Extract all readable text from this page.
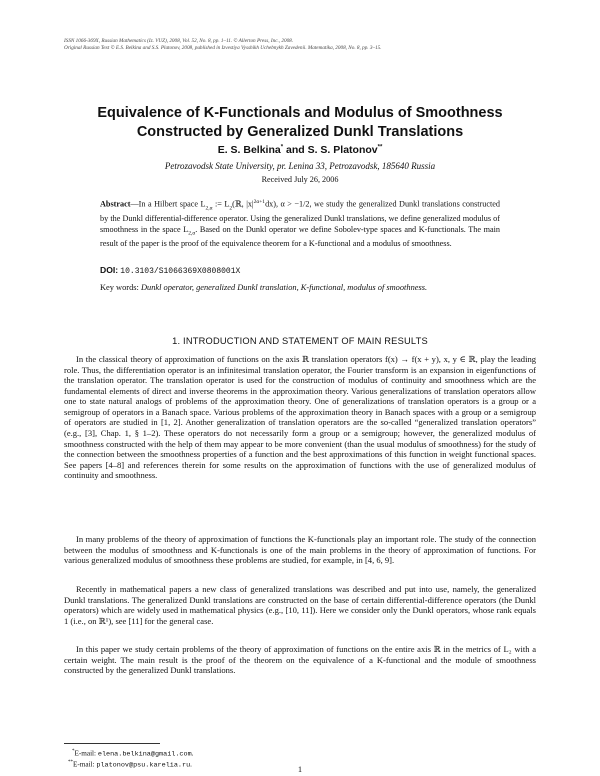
ISSN 1066-369X, Russian Mathematics (Iz. VUZ), 2008, Vol. 52, No. 8, pp. 1–11. © Allerton Press, Inc., 2008.
Original Russian Text © E.S. Belkina and S.S. Platonov, 2008, published in Izvestiya Vysshikh Uchebnykh Zavedenii. Matematika, 2008, No. 8, pp. 3–15.
Equivalence of K-Functionals and Modulus of Smoothness
Constructed by Generalized Dunkl Translations
E. S. Belkina* and S. S. Platonov**
Petrozavodsk State University, pr. Lenina 33, Petrozavodsk, 185640 Russia
Received July 26, 2006
Abstract—In a Hilbert space $L_{2,\alpha}$ := $L_2(ℝ$, $|x|^{2\alpha+1}dx$), α > −1/2, we study the generalized Dunkl translations constructed by the Dunkl differential-difference operator. Using the generalized Dunkl translations, we define generalized modulus of smoothness in the space $L_{2,\alpha}$. Based on the Dunkl operator we define Sobolev-type spaces and K-functionals. The main result of the paper is the proof of the equivalence theorem for a K-functional and a modulus of smoothness.
DOI: 10.3103/S1066369X0808001X
Key words: Dunkl operator, generalized Dunkl translation, K-functional, modulus of smoothness.
1. INTRODUCTION AND STATEMENT OF MAIN RESULTS

In the classical theory of approximation of functions on the axis ℝ translation operators f(x) → f(x + y), x, y ∈ ℝ, play the leading role. Thus, the differentiation operator is an infinitesimal translation operator, the Fourier transform is an expansion in eigenfunctions of the translation operator. The translation operator is used for the construction of modulus of continuity and smoothness which are the fundamental elements of direct and inverse theorems in the approximation theory. Various generalizations of translation operators allow one to state natural analogs of problems of the approximation theory. One of generalizations of translation operators is a group or a semigroup of operators in a Banach space. Various problems of the approximation theory in Banach spaces with a group or a semigroup of operators are studied in [1, 2]. Another generalization of translation operators are the so-called “generalized translation operators” (e.g., [3], Chap. 1, § 1–2). These operators do not necessarily form a group or a semigroup; however, the generalized modulus of smoothness constructed with the help of them may appear to be more convenient (than the usual modulus of smoothness) for the study of the connection between the smoothness properties of a function and the best approximations of this function in weight functional spaces. See papers [4–8] and references therein for some results on the approximation of functions with the use of generalized modulus of continuity and smoothness.

In many problems of the theory of approximation of functions the K-functionals play an important role. The study of the connection between the modulus of smoothness and K-functionals is one of the main problems in the theory of approximation of functions. For various generalized modulus of smoothness these problems are studied, for example, in [4, 6, 9].

Recently in mathematical papers a new class of generalized translations was described and put into use, namely, the generalized Dunkl translations. The generalized Dunkl translations are constructed on the base of certain differential-difference operators (the Dunkl operators) which are widely used in mathematical physics (e.g., [10, 11]). Here we consider only the Dunkl operators, whose rank equals 1 (i.e., on ℝ¹), see [11] for the general case.

In this paper we study certain problems of the theory of approximation of functions on the entire axis ℝ in the metrics of L₂ with a certain weight. The main result is the proof of the theorem on the equivalence of a K-functional and the module of smoothness constructed by the generalized Dunkl translations.

*E-mail: elena.belkina@gmail.com.
**E-mail: platonov@psu.karelia.ru.	1
